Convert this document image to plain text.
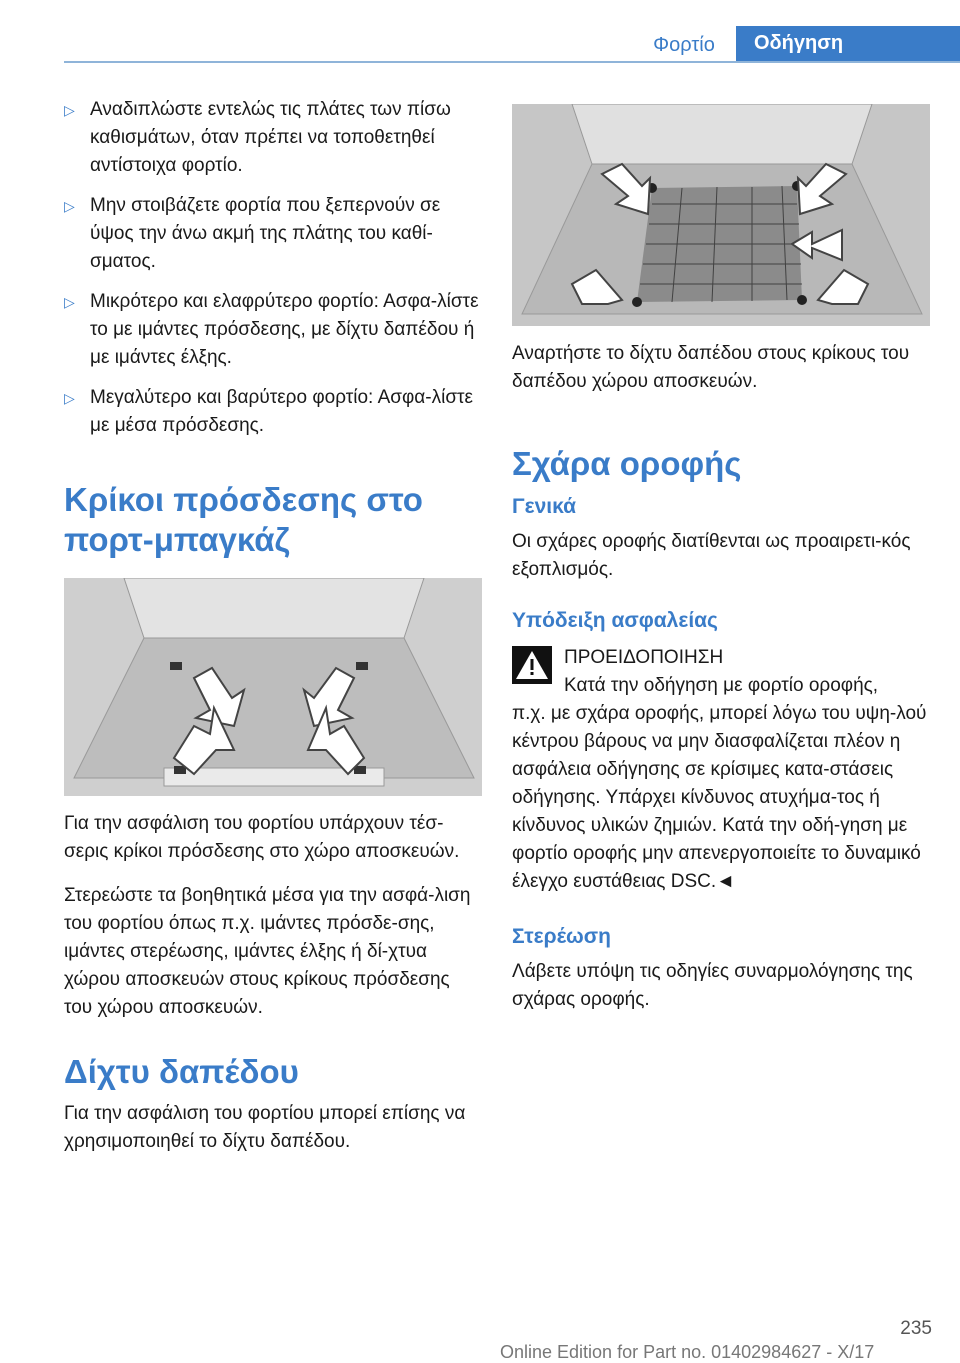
Φορτίο	Οδήγηση
▷ Αναδιπλώστε εντελώς τις πλάτες των πίσω καθισμάτων, όταν πρέπει να τοποθετηθεί αντίστοιχα φορτίο.
▷ Μην στοιβάζετε φορτία που ξεπερνούν σε ύψος την άνω ακμή της πλάτης του καθί-σματος.
▷ Μικρότερο και ελαφρύτερο φορτίο: Ασφα-λίστε το με ιμάντες πρόσδεσης, με δίχτυ δαπέδου ή με ιμάντες έλξης.
▷ Μεγαλύτερο και βαρύτερο φορτίο: Ασφα-λίστε με μέσα πρόσδεσης.
Κρίκοι πρόσδεσης στο πορτ-μπαγκάζ

Για την ασφάλιση του φορτίου υπάρχουν τέσ-σερις κρίκοι πρόσδεσης στο χώρο αποσκευών.

Στερεώστε τα βοηθητικά μέσα για την ασφά-λιση του φορτίου όπως π.χ. ιμάντες πρόσδε-σης, ιμάντες στερέωσης, ιμάντες έλξης ή δί-χτυα χώρου αποσκευών στους κρίκους πρόσδεσης του χώρου αποσκευών.

Δίχτυ δαπέδου

Για την ασφάλιση του φορτίου μπορεί επίσης να χρησιμοποιηθεί το δίχτυ δαπέδου.

Αναρτήστε το δίχτυ δαπέδου στους κρίκους του δαπέδου χώρου αποσκευών.

Σχάρα οροφής
Γενικά

Οι σχάρες οροφής διατίθενται ως προαιρετι-κός εξοπλισμός.

Υπόδειξη ασφαλείας
ΠΡΟΕΙΔΟΠΟΙΗΣΗ
Κατά την οδήγηση με φορτίο οροφής,
π.χ. με σχάρα οροφής, μπορεί λόγω του υψη-λού κέντρου βάρους να μην διασφαλίζεται πλέον η ασφάλεια οδήγησης σε κρίσιμες κατα-στάσεις οδήγησης. Υπάρχει κίνδυνος ατυχήμα-τος ή κίνδυνος υλικών ζημιών. Κατά την οδή-γηση με φορτίο οροφής μην απενεργοποιείτε το δυναμικό έλεγχο ευστάθειας DSC.◄
Στερέωση

Λάβετε υπόψη τις οδηγίες συναρμολόγησης της σχάρας οροφής.

235
Online Edition for Part no. 01402984627 - X/17
